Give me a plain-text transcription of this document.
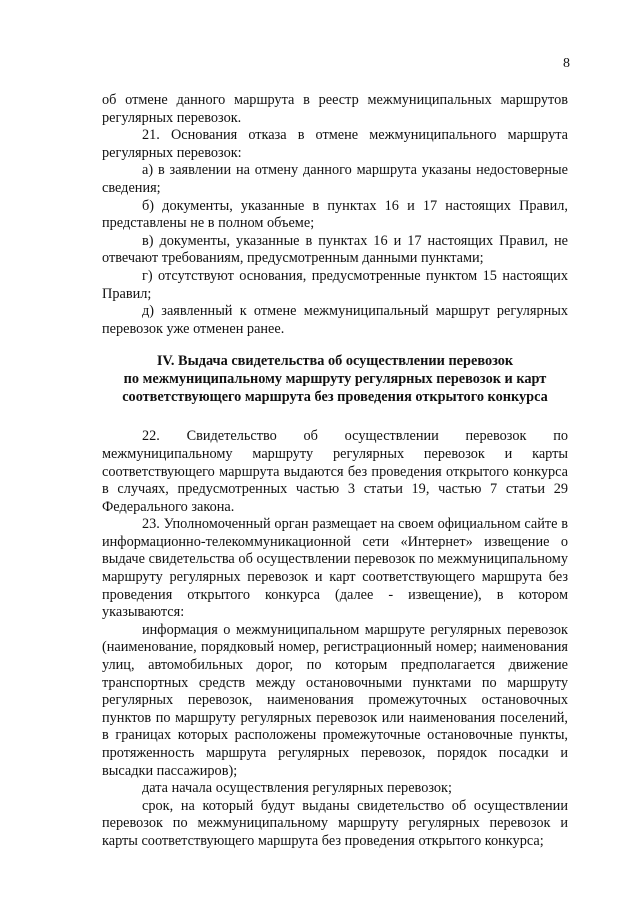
8

об отмене данного маршрута в реестр межмуниципальных маршрутов регулярных перевозок.

21. Основания отказа в отмене межмуниципального маршрута регулярных перевозок:

а) в заявлении на отмену данного маршрута указаны недостоверные сведения;

б) документы, указанные в пунктах 16 и 17 настоящих Правил, представлены не в полном объеме;

в) документы, указанные в пунктах 16 и 17 настоящих Правил, не отвечают требованиям, предусмотренным данными пунктами;

г) отсутствуют основания, предусмотренные пунктом 15 настоящих Правил;

д) заявленный к отмене межмуниципальный маршрут регулярных перевозок уже отменен ранее.

IV. Выдача свидетельства об осуществлении перевозок
по межмуниципальному маршруту регулярных перевозок и карт
соответствующего маршрута без проведения открытого конкурса

22. Свидетельство об осуществлении перевозок по межмуниципальному маршруту регулярных перевозок и карты соответствующего маршрута выдаются без проведения открытого конкурса в случаях, предусмотренных частью 3 статьи 19, частью 7 статьи 29 Федерального закона.

23. Уполномоченный орган размещает на своем официальном сайте в информационно-телекоммуникационной сети «Интернет» извещение о выдаче свидетельства об осуществлении перевозок по межмуниципальному маршруту регулярных перевозок и карт соответствующего маршрута без проведения открытого конкурса (далее - извещение), в котором указываются:

информация о межмуниципальном маршруте регулярных перевозок (наименование, порядковый номер, регистрационный номер; наименования улиц, автомобильных дорог, по которым предполагается движение транспортных средств между остановочными пунктами по маршруту регулярных перевозок, наименования промежуточных остановочных пунктов по маршруту регулярных перевозок или наименования поселений, в границах которых расположены промежуточные остановочные пункты, протяженность маршрута регулярных перевозок, порядок посадки и высадки пассажиров);

дата начала осуществления регулярных перевозок;

срок, на который будут выданы свидетельство об осуществлении перевозок по межмуниципальному маршруту регулярных перевозок и карты соответствующего маршрута без проведения открытого конкурса;
